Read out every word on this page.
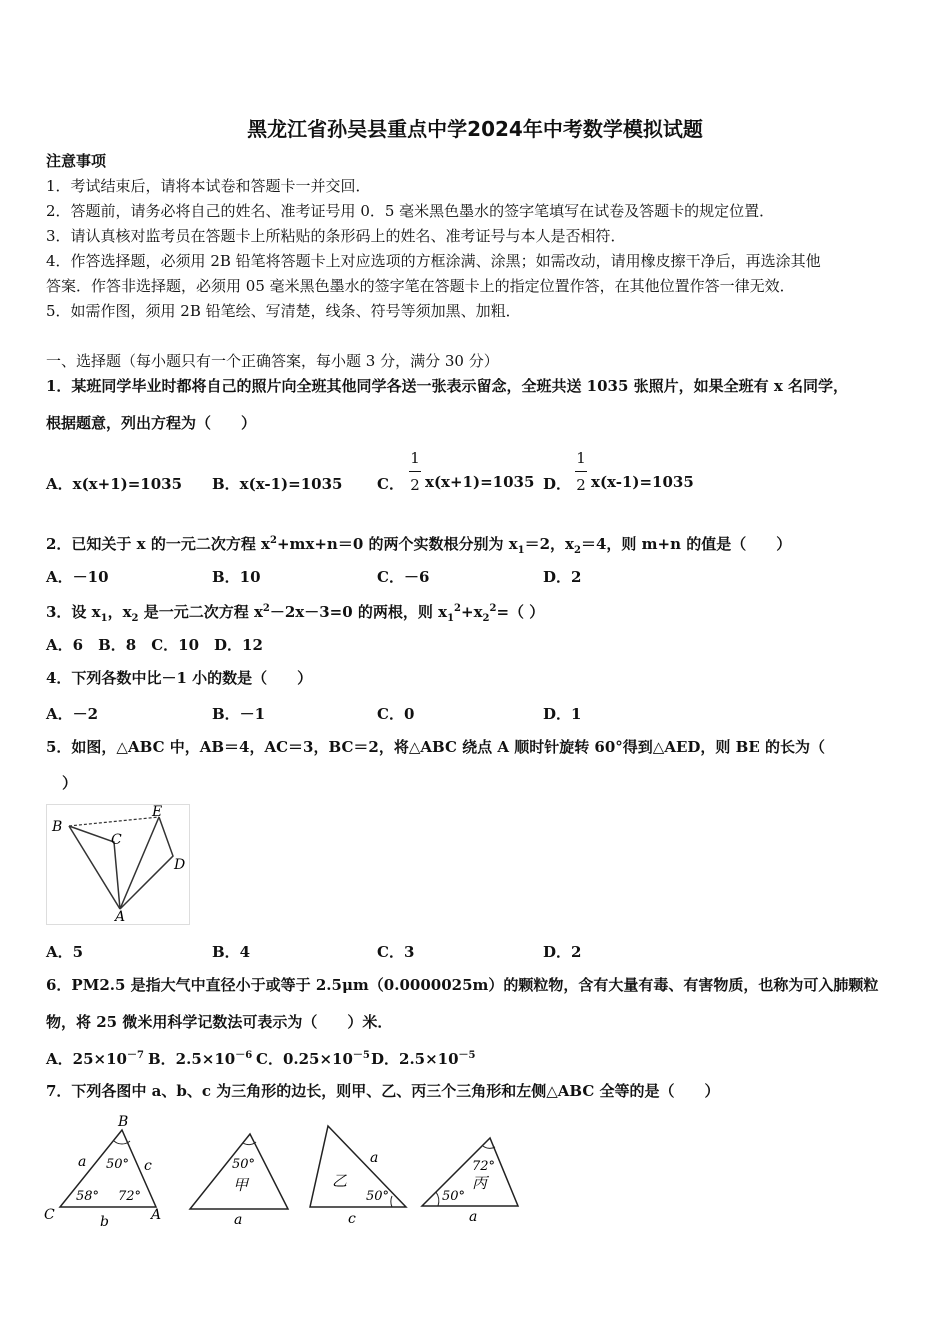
黑龙江省孙吴县重点中学2024年中考数学模拟试题
注意事项
1．考试结束后，请将本试卷和答题卡一并交回．
2．答题前，请务必将自己的姓名、准考证号用 0．5 毫米黑色墨水的签字笔填写在试卷及答题卡的规定位置．
3．请认真核对监考员在答题卡上所粘贴的条形码上的姓名、准考证号与本人是否相符．
4．作答选择题，必须用 2B 铅笔将答题卡上对应选项的方框涂满、涂黑；如需改动，请用橡皮擦干净后，再选涂其他
答案．作答非选择题，必须用 05 毫米黑色墨水的签字笔在答题卡上的指定位置作答，在其他位置作答一律无效．
5．如需作图，须用 2B 铅笔绘、写清楚，线条、符号等须加黑、加粗．
一、选择题（每小题只有一个正确答案，每小题 3 分，满分 30 分）
1．某班同学毕业时都将自己的照片向全班其他同学各送一张表示留念，全班共送 1035 张照片，如果全班有 x 名同学，
根据题意，列出方程为（　　）
A．x(x+1)=1035 B．x(x-1)=1035 C．
1
2 x(x+1)=1035 D．
1
2 x(x-1)=1035
2．已知关于 x 的一元二次方程 $x^2+mx+n=0$ 的两个实数根分别为 $x_1=2$，$x_2=4$，则 m+n 的值是（　　）
A．－10	B．10	C．－6	D．2
3．设 $x_1$，$x_2$ 是一元二次方程 $x^2-2x-3=0$ 的两根，则 $x_1^2+x_2^2=$（ ）
A．6　B．8　C．10　D．12
4．下列各数中比－1 小的数是（　　）
A．－2	B．－1	C．0	D．1
5．如图，△ABC 中，AB＝4，AC＝3，BC＝2，将△ABC 绕点 A 顺时针旋转 60°得到△AED，则 BE 的长为（
）
B
C
E
D
A
A．5	B．4	C．3	D．2
6．PM2.5 是指大气中直径小于或等于 2.5μm（0.0000025m）的颗粒物，含有大量有毒、有害物质，也称为可入肺颗粒
物，将 25 微米用科学记数法可表示为（　　）米．
A．$25\times 10^{-7}$ B．$2.5\times 10^{-6}$ C．$0.25\times 10^{-5}$ D．$2.5\times 10^{-5}$
7．下列各图中 a、b、c 为三角形的边长，则甲、乙、丙三个三角形和左侧△ABC 全等的是（　　）
B
C	A
a	c
b
50°
58° 72°
50°
甲
a
a
乙
50°
c
72°
丙
50°
a
